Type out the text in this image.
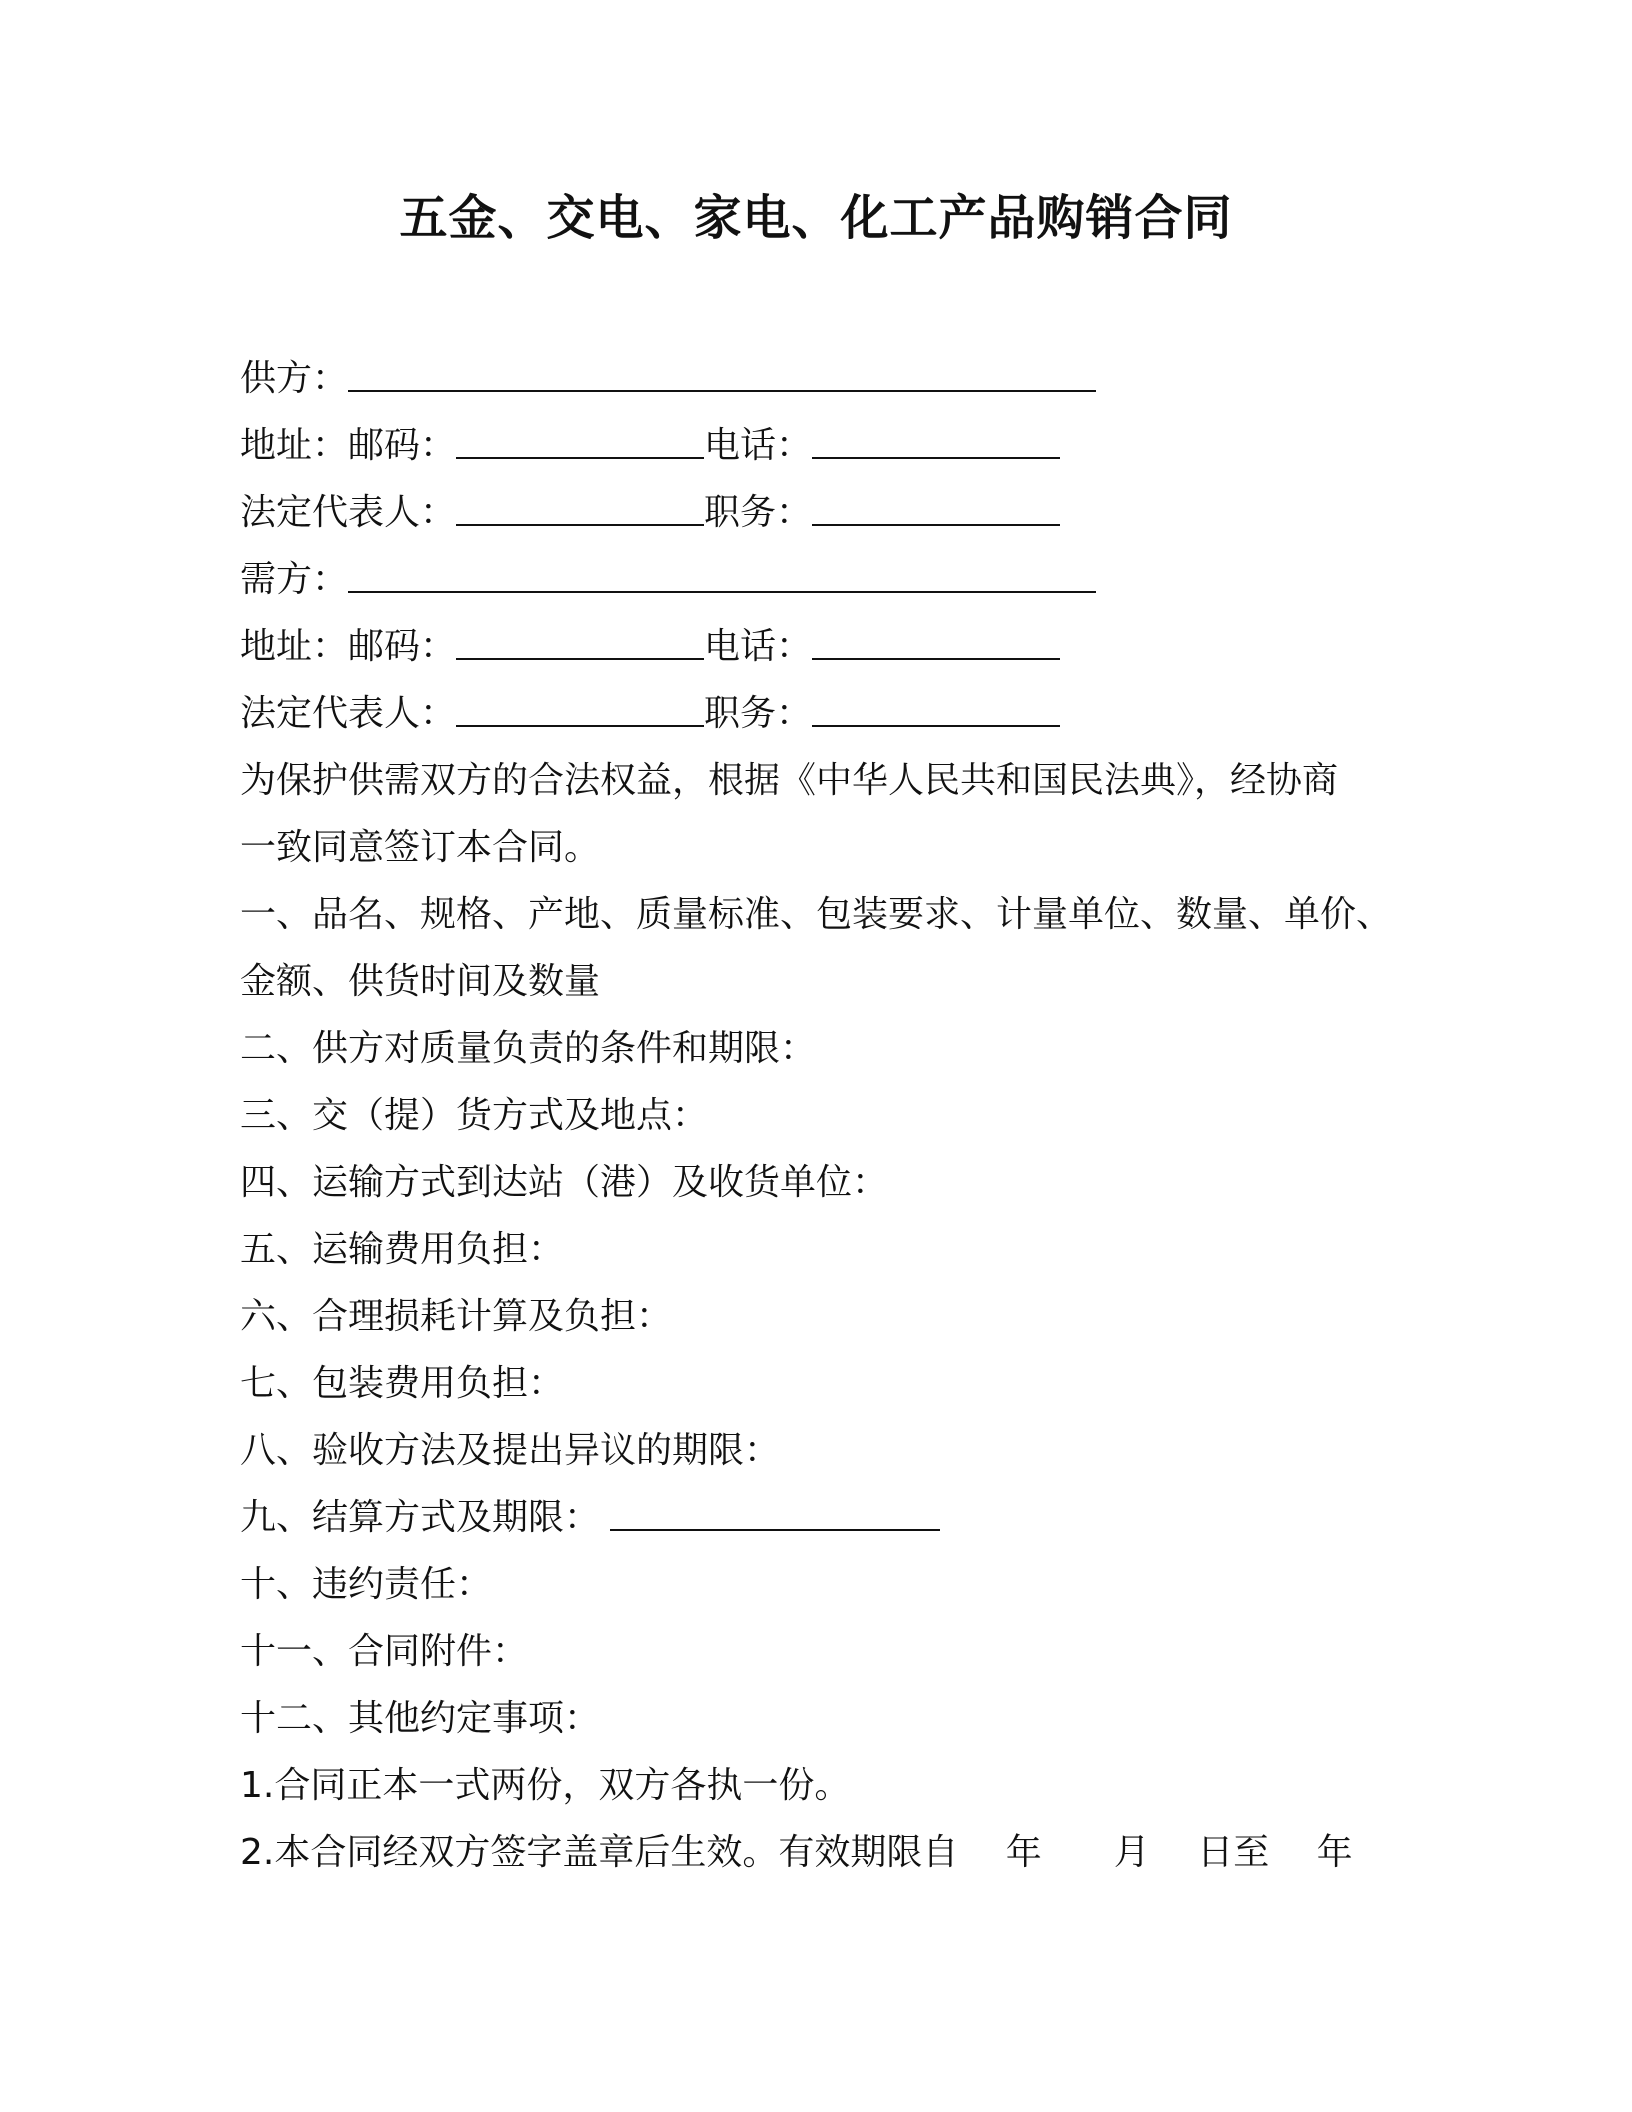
五金、交电、家电、化工产品购销合同
供方：
地址：邮码：	电话：
法定代表人：	职务：
需方：
地址：邮码：	电话：
法定代表人：	职务：
为保护供需双方的合法权益，根据《中华人民共和国民法典》，经协商
一致同意签订本合同。
一、品名、规格、产地、质量标准、包装要求、计量单位、数量、单价、
金额、供货时间及数量
二、供方对质量负责的条件和期限：
三、交（提）货方式及地点：
四、运输方式到达站（港）及收货单位：
五、运输费用负担：
六、合理损耗计算及负担：
七、包装费用负担：
八、验收方法及提出异议的期限：
九、结算方式及期限：
十、违约责任：
十一、合同附件：
十二、其他约定事项：
1.合同正本一式两份，双方各执一份。
2.本合同经双方签字盖章后生效。有效期限自　 年　　月　 日至　 年
